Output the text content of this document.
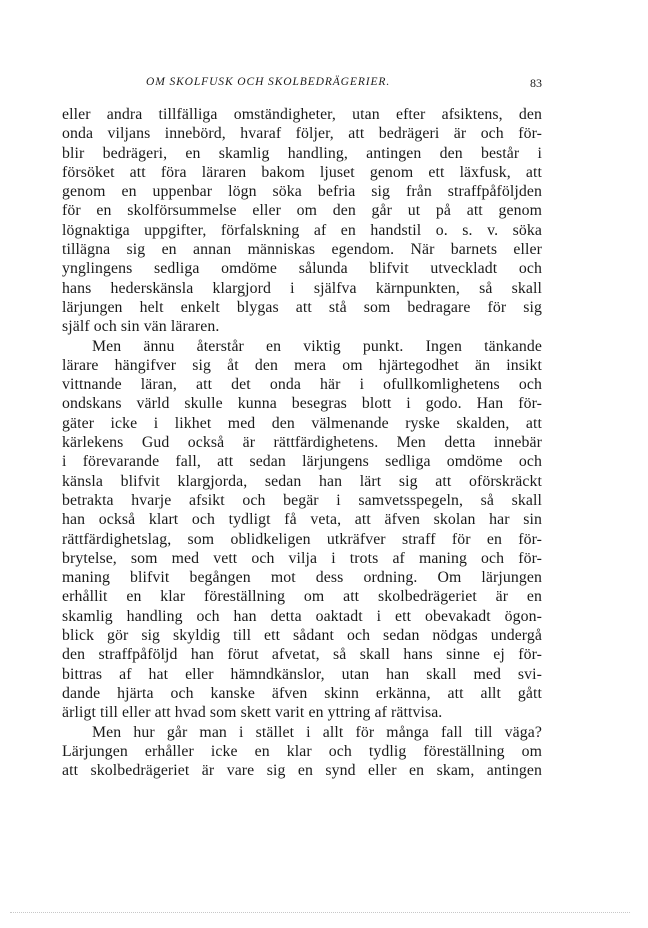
OM SKOLFUSK OCH SKOLBEDRÄGERIER.	83
eller andra tillfälliga omständigheter, utan efter afsiktens, den
onda viljans innebörd, hvaraf följer, att bedrägeri är och för-
blir bedrägeri, en skamlig handling, antingen den består i
försöket att föra läraren bakom ljuset genom ett läxfusk, att
genom en uppenbar lögn söka befria sig från straffpåföljden
för en skolförsummelse eller om den går ut på att genom
lögnaktiga uppgifter, förfalskning af en handstil o. s. v. söka
tillägna sig en annan människas egendom. När barnets eller
ynglingens sedliga omdöme sålunda blifvit utveckladt och
hans hederskänsla klargjord i själfva kärnpunkten, så skall
lärjungen helt enkelt blygas att stå som bedragare för sig
själf och sin vän läraren.
Men ännu återstår en viktig punkt. Ingen tänkande
lärare hängifver sig åt den mera om hjärtegodhet än insikt
vittnande läran, att det onda här i ofullkomlighetens och
ondskans värld skulle kunna besegras blott i godo. Han för-
gäter icke i likhet med den välmenande ryske skalden, att
kärlekens Gud också är rättfärdighetens. Men detta innebär
i förevarande fall, att sedan lärjungens sedliga omdöme och
känsla blifvit klargjorda, sedan han lärt sig att oförskräckt
betrakta hvarje afsikt och begär i samvetsspegeln, så skall
han också klart och tydligt få veta, att äfven skolan har sin
rättfärdighetslag, som oblidkeligen utkräfver straff för en för-
brytelse, som med vett och vilja i trots af maning och för-
maning blifvit begången mot dess ordning. Om lärjungen
erhållit en klar föreställning om att skolbedrägeriet är en
skamlig handling och han detta oaktadt i ett obevakadt ögon-
blick gör sig skyldig till ett sådant och sedan nödgas undergå
den straffpåföljd han förut afvetat, så skall hans sinne ej för-
bittras af hat eller hämndkänslor, utan han skall med svi-
dande hjärta och kanske äfven skinn erkänna, att allt gått
ärligt till eller att hvad som skett varit en yttring af rättvisa.
Men hur går man i stället i allt för många fall till väga?
Lärjungen erhåller icke en klar och tydlig föreställning om
att skolbedrägeriet är vare sig en synd eller en skam, antingen
